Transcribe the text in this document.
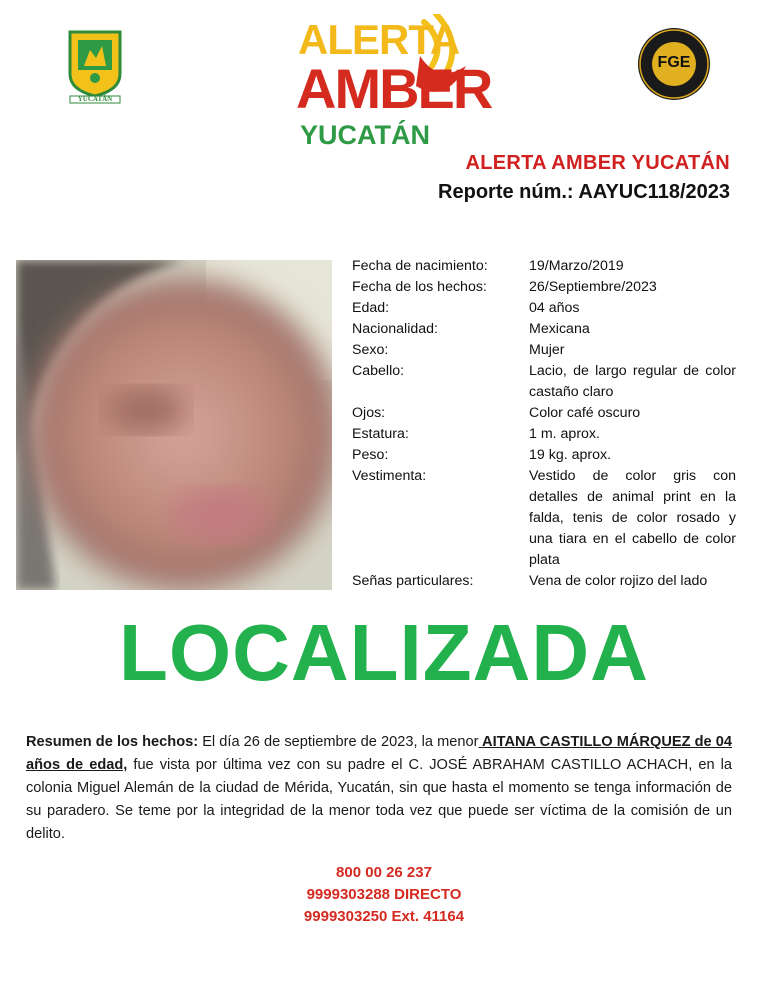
YUCATÁN
ALERTA
AMBER
YUCATÁN
FGE
ALERTA AMBER YUCATÁN
Reporte núm.: AAYUC118/2023
Fecha de nacimiento:	19/Marzo/2019
Fecha de los hechos:	26/Septiembre/2023
Edad:	04 años
Nacionalidad:	Mexicana
Sexo:	Mujer
Cabello:	Lacio, de largo regular de color castaño claro
Ojos:	Color café oscuro
Estatura:	1 m. aprox.
Peso:	19 kg. aprox.
Vestimenta:	Vestido de color gris con detalles de animal print en la falda, tenis de color rosado y una tiara en el cabello de color plata
Señas particulares:	Vena de color rojizo del lado
LOCALIZADA
Resumen de los hechos: El día 26 de septiembre de 2023, la menor AITANA CASTILLO MÁRQUEZ de 04 años de edad, fue vista por última vez con su padre el C. JOSÉ ABRAHAM CASTILLO ACHACH, en la colonia Miguel Alemán de la ciudad de Mérida, Yucatán, sin que hasta el momento se tenga información de su paradero. Se teme por la integridad de la menor toda vez que puede ser víctima de la comisión de un delito.
800 00 26 237
9999303288 DIRECTO
9999303250 Ext. 41164
